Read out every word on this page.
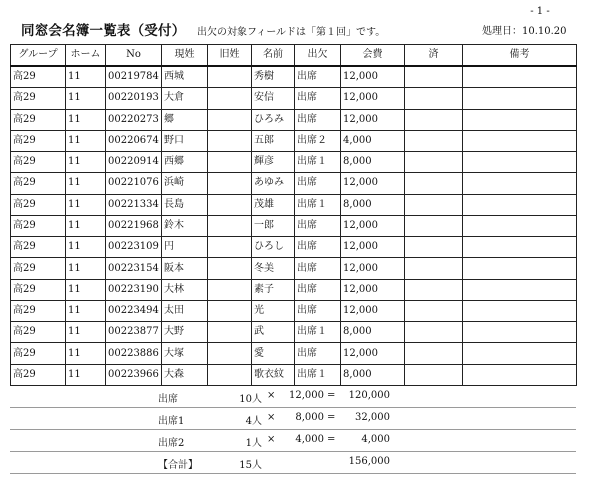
- 1 -
同窓会名簿一覧表（受付） 出欠の対象フィールドは「第１回」です。	処理日：10.10.20
グループ	ホーム	No	現姓	旧姓	名前	出欠	会費	済	備考
高29	11	00219784	西城		秀樹	出席	12,000		
高29	11	00220193	大倉		安信	出席	12,000		
高29	11	00220273	郷		ひろみ	出席	12,000		
高29	11	00220674	野口		五郎	出席２	4,000		
高29	11	00220914	西郷		輝彦	出席１	8,000		
高29	11	00221076	浜崎		あゆみ	出席	12,000		
高29	11	00221334	長島		茂雄	出席１	8,000		
高29	11	00221968	鈴木		一郎	出席	12,000		
高29	11	00223109	円		ひろし	出席	12,000		
高29	11	00223154	阪本		冬美	出席	12,000		
高29	11	00223190	大林		素子	出席	12,000		
高29	11	00223494	太田		光	出席	12,000		
高29	11	00223877	大野		武	出席１	8,000		
高29	11	00223886	大塚		愛	出席	12,000		
高29	11	00223966	大森		歌衣紋	出席１	8,000		
出席	10人 ×	12,000 =	120,000
出席1	4人 ×	8,000 =	32,000
出席2	1人 ×	4,000 =	4,000
【合計】	15人	156,000
